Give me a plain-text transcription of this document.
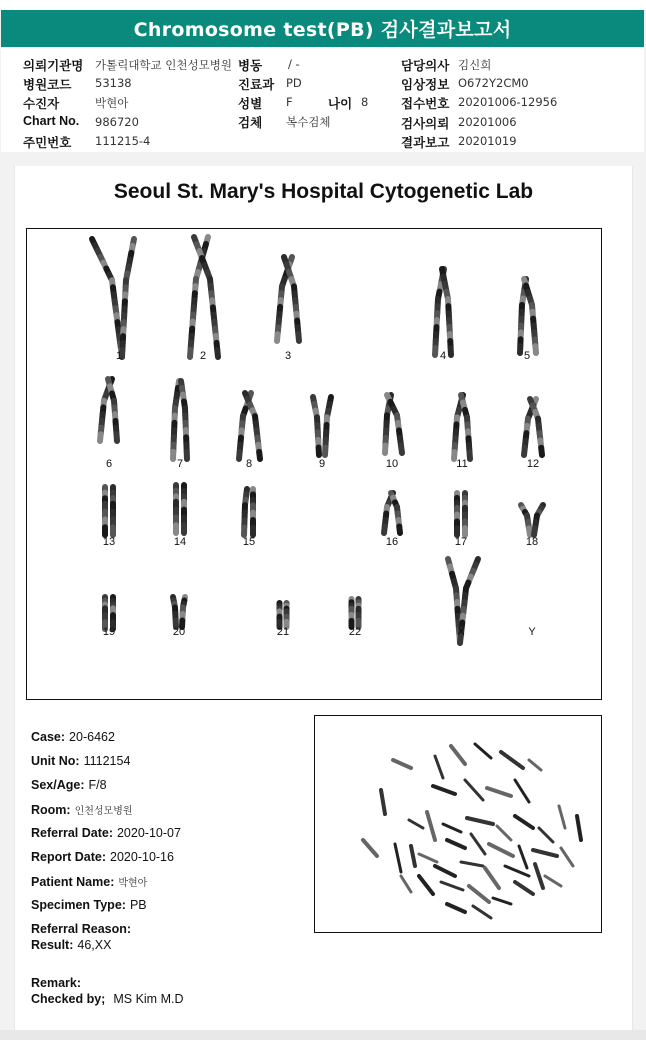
Chromosome test(PB) 검사결과보고서
의뢰기관명 가톨릭대학교 인천성모병원 병동 / -	담당의사 김신희
병원코드 53138	진료과 PD	임상정보 O672Y2CM0
수진자	박현아	성별 F	나이 8	접수번호 20201006-12956
Chart No. 986720	검체 복수검체	검사의뢰 20201006
주민번호 111215-4	결과보고 20201019
Seoul St. Mary's Hospital Cytogenetic Lab
1	2	3	4	5
6	7	8	9	10	11	12
13	14	15	16	17	18
19	20	21	22	X	Y
Case: 20-6462
Unit No: 1112154
Sex/Age: F/8
Room: 인천성모병원
Referral Date: 2020-10-07
Report Date: 2020-10-16
Patient Name: 박현아
Specimen Type: PB
Referral Reason:
Result: 46,XX
Remark:
Checked by; MS Kim M.D
